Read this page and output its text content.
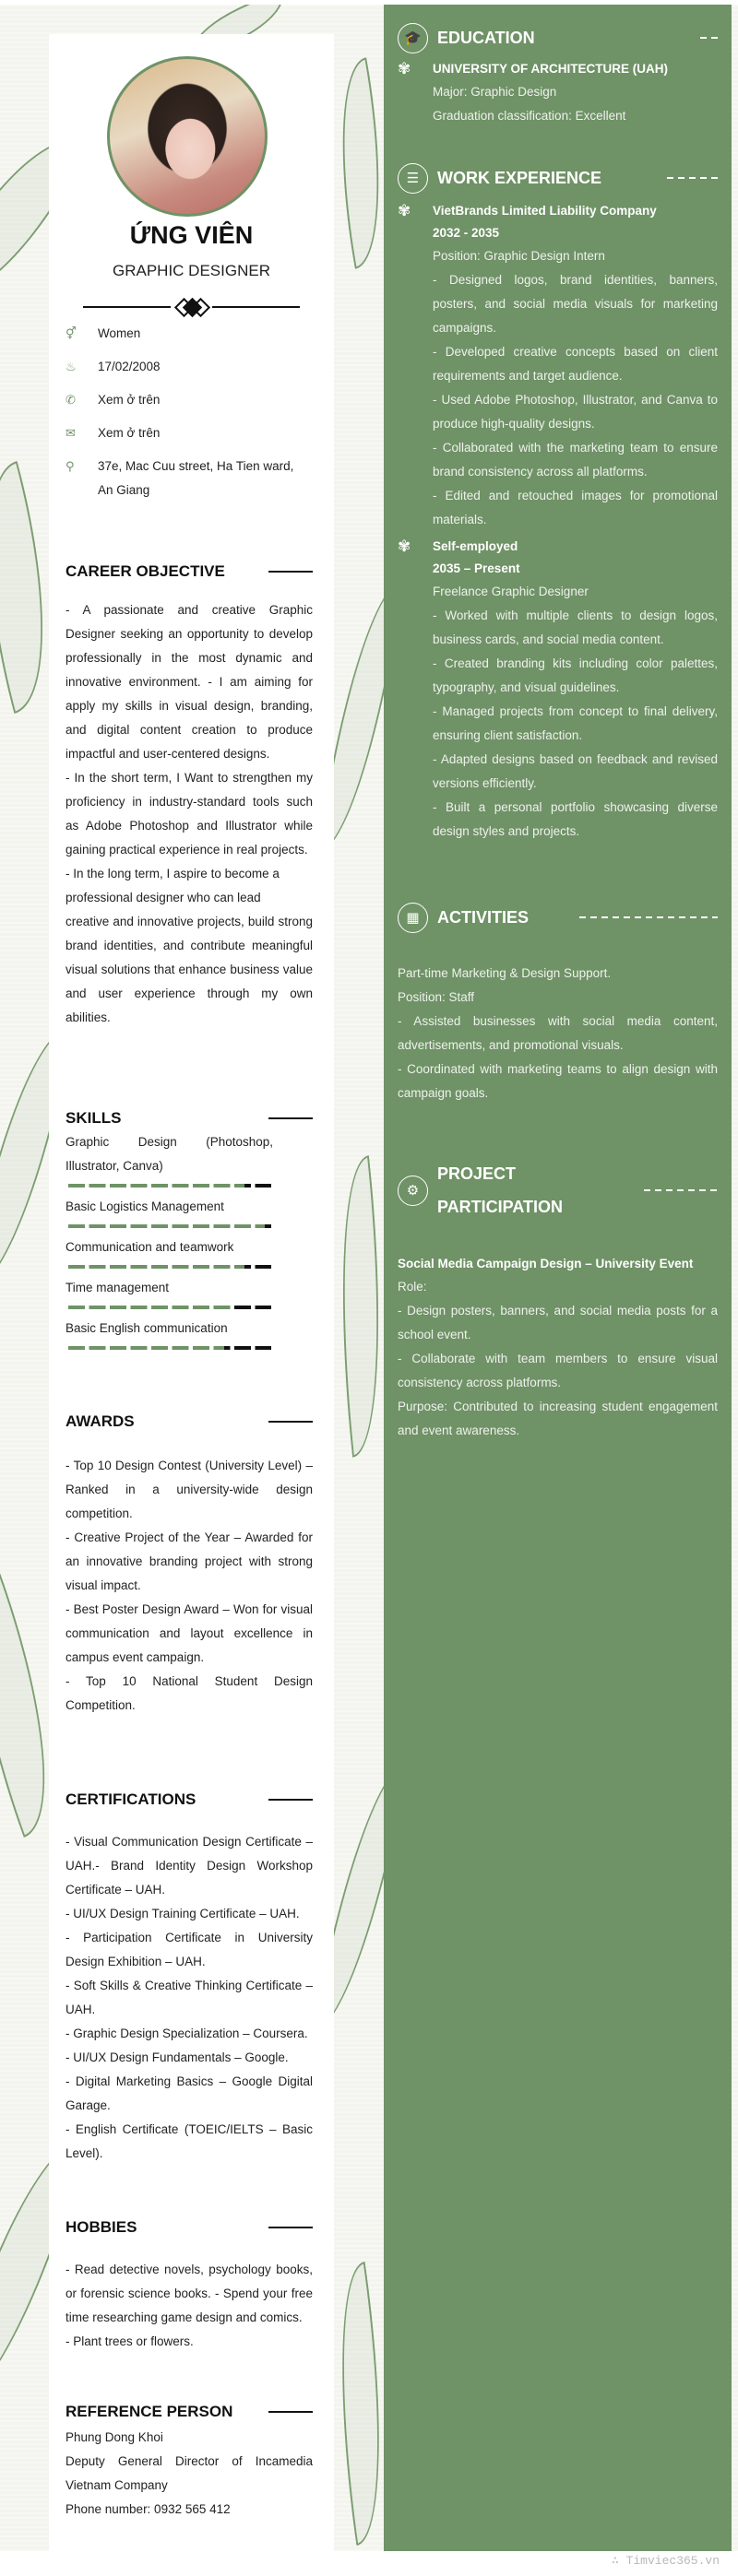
ỨNG VIÊN
GRAPHIC DESIGNER
⚥	Women
♨	17/02/2008
✆	Xem ở trên
✉	Xem ở trên
⚲	37e, Mac Cuu street, Ha Tien ward, An Giang
CAREER OBJECTIVE
- A passionate and creative Graphic Designer seeking an opportunity to develop professionally in the most dynamic and innovative environment. - I am aiming for apply my skills in visual design, branding, and digital content creation to produce impactful and user-centered designs.
- In the short term, I Want to strengthen my proficiency in industry-standard tools such as Adobe Photoshop and Illustrator while gaining practical experience in real projects.
- In the long term, I aspire to become a professional designer who can lead
creative and innovative projects, build strong brand identities, and contribute meaningful visual solutions that enhance business value and user experience through my own abilities.
SKILLS
Graphic Design (Photoshop, Illustrator, Canva)
Basic Logistics Management
Communication and teamwork
Time management
Basic English communication
AWARDS
- Top 10 Design Contest (University Level) – Ranked in a university-wide design competition.
- Creative Project of the Year – Awarded for an innovative branding project with strong visual impact.
- Best Poster Design Award – Won for visual communication and layout excellence in campus event campaign.
- Top 10 National Student Design Competition.
CERTIFICATIONS
- Visual Communication Design Certificate – UAH.- Brand Identity Design Workshop Certificate – UAH.
- UI/UX Design Training Certificate – UAH.
- Participation Certificate in University Design Exhibition – UAH.
- Soft Skills & Creative Thinking Certificate – UAH.
- Graphic Design Specialization – Coursera.
- UI/UX Design Fundamentals – Google.
- Digital Marketing Basics – Google Digital Garage.
- English Certificate (TOEIC/IELTS – Basic Level).
HOBBIES
- Read detective novels, psychology books, or forensic science books. - Spend your free time researching game design and comics.
- Plant trees or flowers.
REFERENCE PERSON
Phung Dong Khoi
Deputy General Director of Incamedia Vietnam Company
Phone number: 0932 565 412
🎓 EDUCATION
✾ UNIVERSITY OF ARCHITECTURE (UAH)
Major: Graphic Design
Graduation classification: Excellent
☰	WORK EXPERIENCE
✾ VietBrands Limited Liability Company
2032 - 2035
Position: Graphic Design Intern
- Designed logos, brand identities, banners, posters, and social media visuals for marketing campaigns.
- Developed creative concepts based on client requirements and target audience.
- Used Adobe Photoshop, Illustrator, and Canva to produce high-quality designs.
- Collaborated with the marketing team to ensure brand consistency across all platforms.
- Edited and retouched images for promotional materials.
✾ Self-employed
2035 – Present
Freelance Graphic Designer
- Worked with multiple clients to design logos, business cards, and social media content.
- Created branding kits including color palettes, typography, and visual guidelines.
- Managed projects from concept to final delivery, ensuring client satisfaction.
- Adapted designs based on feedback and revised versions efficiently.
- Built a personal portfolio showcasing diverse design styles and projects.
▦	ACTIVITIES
Part-time Marketing & Design Support.
Position: Staff
- Assisted businesses with social media content, advertisements, and promotional visuals.
- Coordinated with marketing teams to align design with campaign goals.
⚙
PROJECT
PARTICIPATION
Social Media Campaign Design – University Event
Role:
- Design posters, banners, and social media posts for a school event.
- Collaborate with team members to ensure visual consistency across platforms.
Purpose: Contributed to increasing student engagement and event awareness.
∴ Timviec365.vn
